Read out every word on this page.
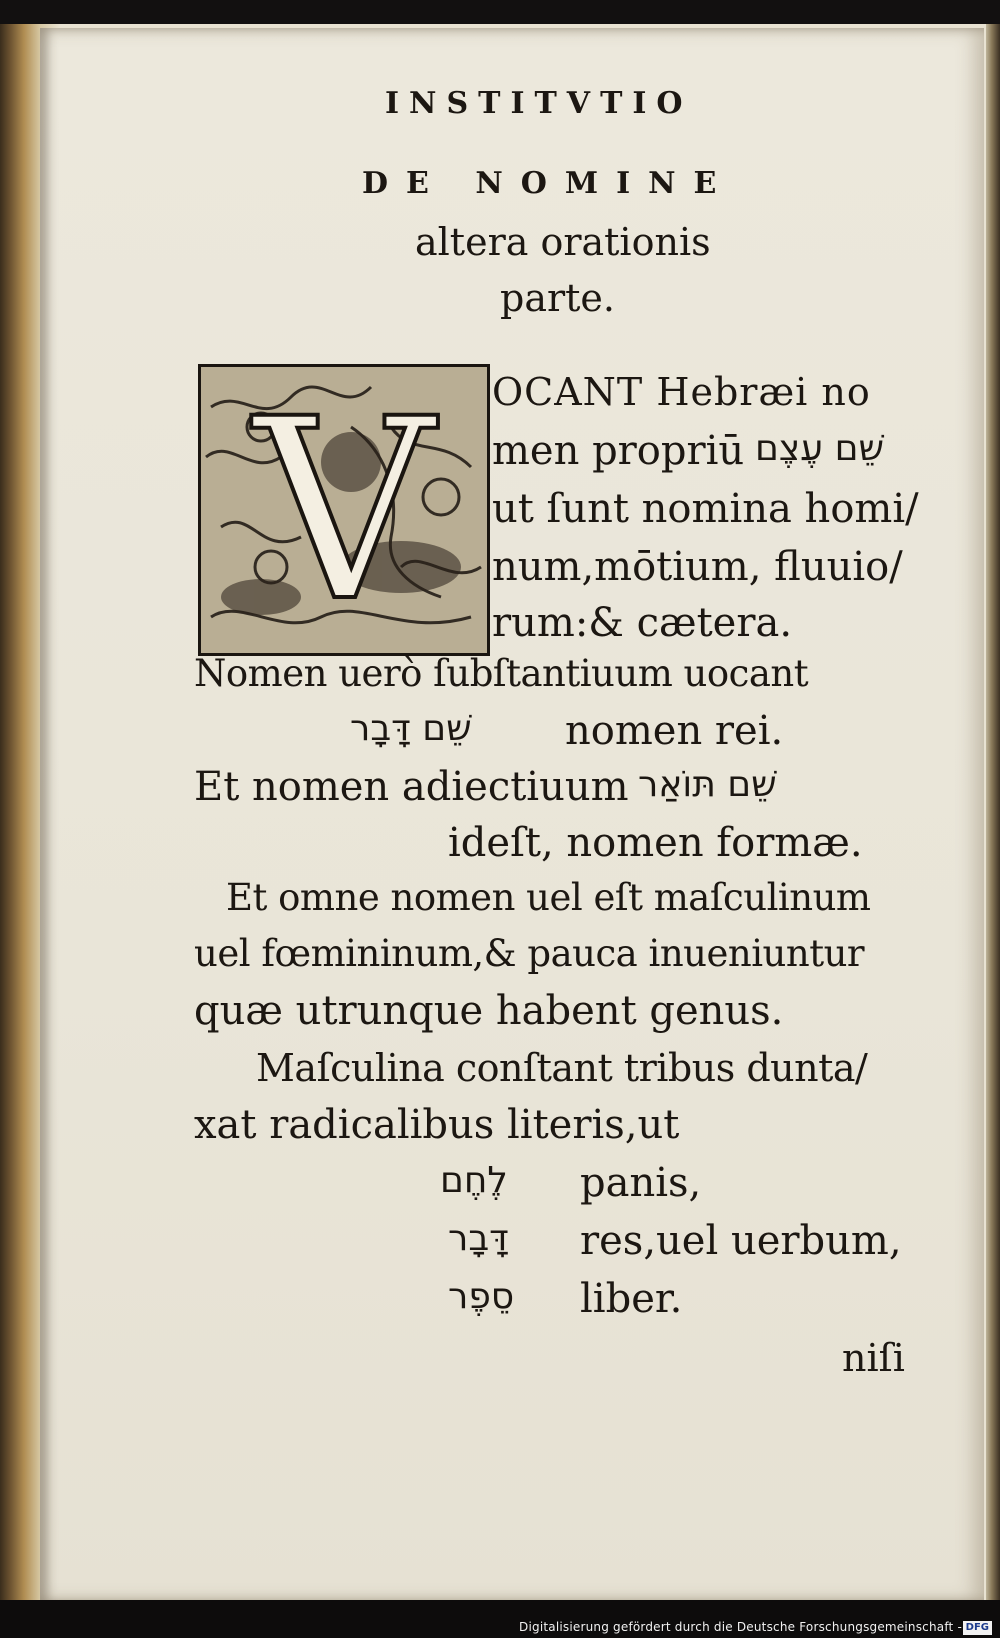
INSTITVTIO
DE NOMINE
altera orationis
parte.
V OCANT Hebræi no
men propriū שֵׁם עֶצֶם
ut ſunt nomina homi/
num,mōtium, fluuio/
rum:& cætera.
Nomen uerò ſubſtantiuum uocant
שֵׁם דָּבָר nomen rei.
Et nomen adiectiuum שֵׁם תּוֹאַר
ideſt, nomen formæ.
Et omne nomen uel eſt maſculinum
uel fœmininum,& pauca inueniuntur
quæ utrunque habent genus.
Maſculina conſtant tribus dunta/
xat radicalibus literis,ut
לֶחֶם panis,
דָּבָר res,uel uerbum,
סֵפֶר liber.
niſi
Digitalisierung gefördert durch die Deutsche Forschungsgemeinschaft - DFG
